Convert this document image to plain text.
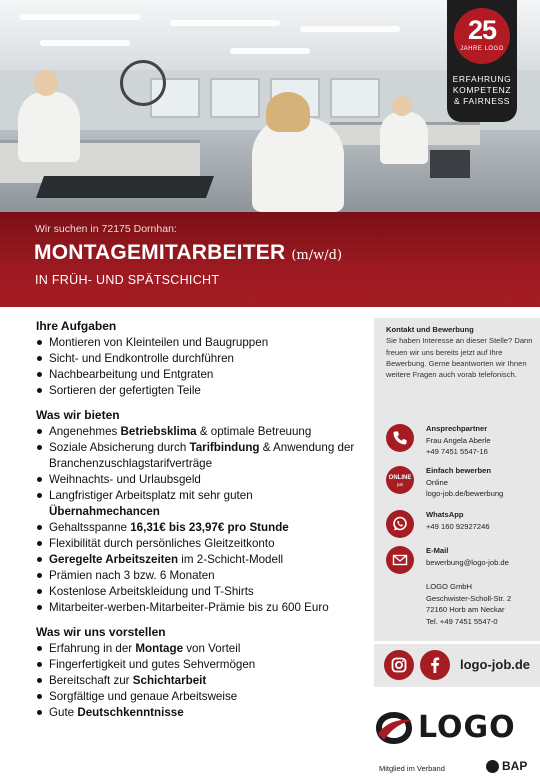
25
JAHRE LOGO
ERFAHRUNG
KOMPETENZ
& FAIRNESS
Wir suchen in 72175 Dornhan:
MONTAGEMITARBEITER (m/w/d)
IN FRÜH- UND SPÄTSCHICHT
Ihre Aufgaben
Montieren von Kleinteilen und Baugruppen
Sicht- und Endkontrolle durchführen
Nachbearbeitung und Entgraten
Sortieren der gefertigten Teile
Was wir bieten
Angenehmes Betriebsklima & optimale Betreuung
Soziale Absicherung durch Tarifbindung & Anwendung der Branchenzuschlagstarifverträge
Weihnachts- und Urlaubsgeld
Langfristiger Arbeitsplatz mit sehr guten Übernahmechancen
Gehaltsspanne 16,31€ bis 23,97€ pro Stunde
Flexibilität durch persönliches Gleitzeitkonto
Geregelte Arbeitszeiten im 2-Schicht-Modell
Prämien nach 3 bzw. 6 Monaten
Kostenlose Arbeitskleidung und T-Shirts
Mitarbeiter-werben-Mitarbeiter-Prämie bis zu 600 Euro
Was wir uns vorstellen
Erfahrung in der Montage von Vorteil
Fingerfertigkeit und gutes Sehvermögen
Bereitschaft zur Schichtarbeit
Sorgfältige und genaue Arbeitsweise
Gute Deutschkenntnisse
Kontakt und Bewerbung
Sie haben Interesse an dieser Stelle? Dann freuen wir uns bereits jetzt auf Ihre Bewerbung. Gerne beantworten wir Ihnen weitere Fragen auch vorab telefonisch.
Ansprechpartner
Frau Angela Aberle
+49 7451 5547-16
ONLINE
job
Einfach bewerben
Online
logo-job.de/bewerbung
WhatsApp
+49 160 92927246
E-Mail
bewerbung@logo-job.de
LOGO GmbH
Geschwister-Scholl-Str. 2
72160 Horb am Neckar
Tel. +49 7451 5547-0
logo-job.de
LOGO
Mitglied im Verband	BAP
